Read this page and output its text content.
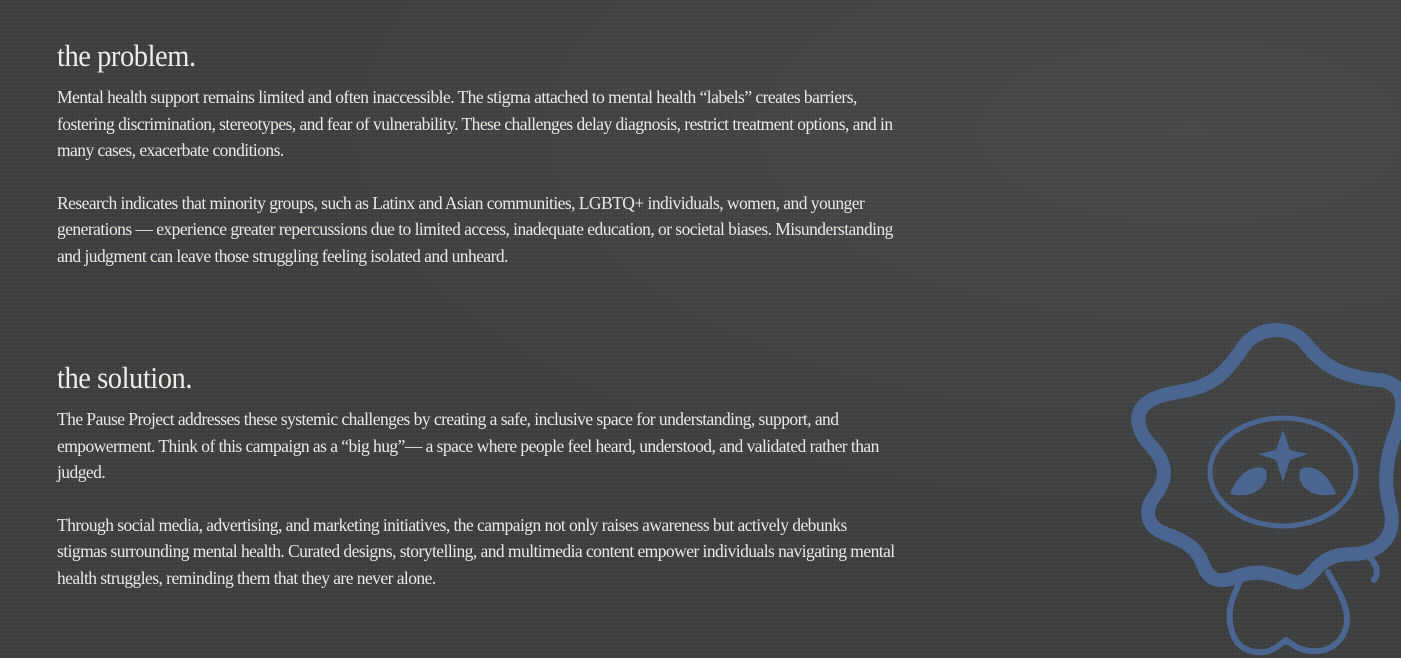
the problem.

Mental health support remains limited and often inaccessible. The stigma attached to mental health “labels” creates barriers, fostering discrimination, stereotypes, and fear of vulnerability. These challenges delay diagnosis, restrict treatment options, and in many cases, exacerbate conditions.

Research indicates that minority groups, such as Latinx and Asian communities, LGBTQ+ individuals, women, and younger generations — experience greater repercussions due to limited access, inadequate education, or societal biases. Misunderstanding and judgment can leave those struggling feeling isolated and unheard.

the solution.

The Pause Project addresses these systemic challenges by creating a safe, inclusive space for understanding, support, and empowerment. Think of this campaign as a “big hug”— a space where people feel heard, understood, and validated rather than judged.

Through social media, advertising, and marketing initiatives, the campaign not only raises awareness but actively debunks stigmas surrounding mental health. Curated designs, storytelling, and multimedia content empower individuals navigating mental health struggles, reminding them that they are never alone.
